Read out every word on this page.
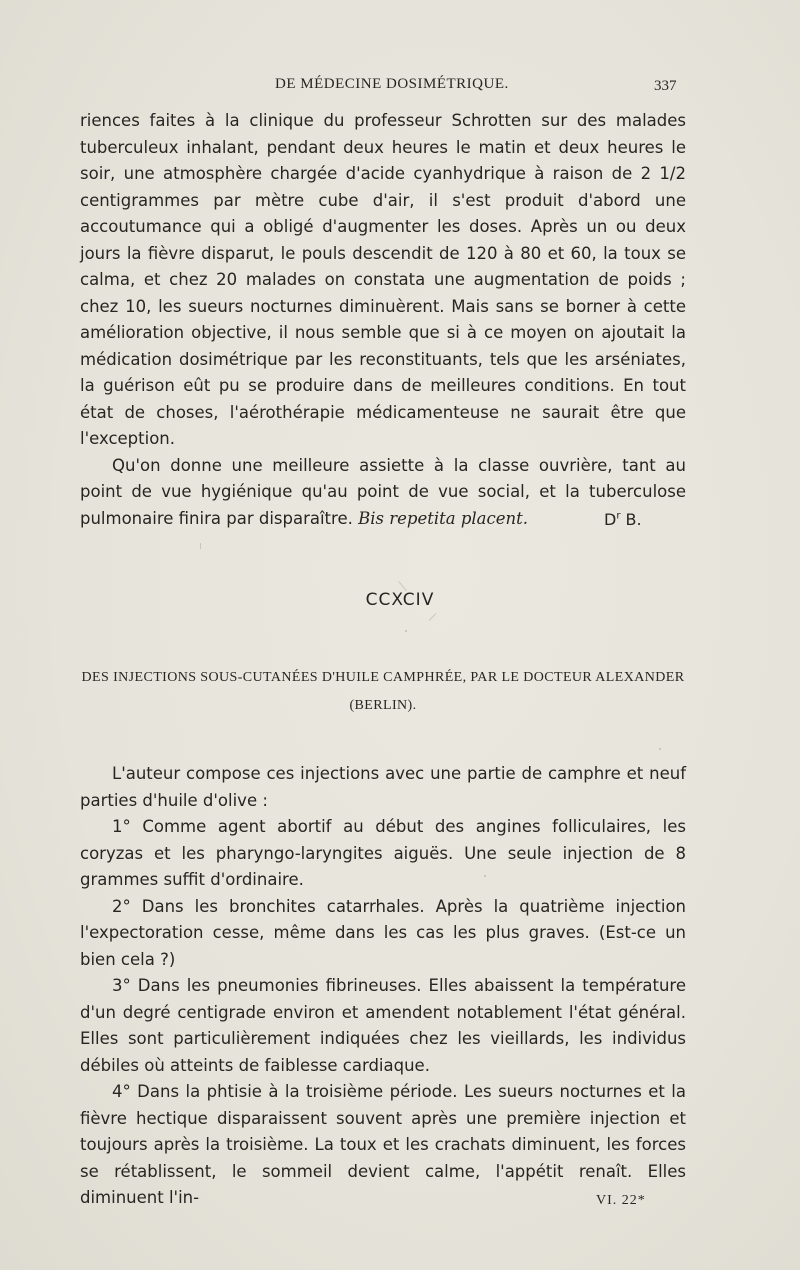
DE MÉDECINE DOSIMÉTRIQUE.	337

riences faites à la clinique du professeur Schrotten sur des malades tuberculeux inhalant, pendant deux heures le matin et deux heures le soir, une atmosphère chargée d'acide cyanhydrique à raison de 2 1/2 centigrammes par mètre cube d'air, il s'est produit d'abord une accoutumance qui a obligé d'augmenter les doses. Après un ou deux jours la fièvre disparut, le pouls descendit de 120 à 80 et 60, la toux se calma, et chez 20 malades on constata une augmentation de poids ; chez 10, les sueurs nocturnes diminuèrent. Mais sans se borner à cette amélioration objective, il nous semble que si à ce moyen on ajoutait la médication dosimétrique par les reconstituants, tels que les arséniates, la guérison eût pu se produire dans de meilleures conditions. En tout état de choses, l'aérothérapie médicamenteuse ne saurait être que l'exception.

Qu'on donne une meilleure assiette à la classe ouvrière, tant au point de vue hygiénique qu'au point de vue social, et la tuberculose pulmonaire finira par disparaître. Bis repetita placent.	$D^r$ B.
CCXCIV
DES INJECTIONS SOUS-CUTANÉES D'HUILE CAMPHRÉE, PAR LE DOCTEUR ALEXANDER
(BERLIN).

L'auteur compose ces injections avec une partie de camphre et neuf parties d'huile d'olive :

1° Comme agent abortif au début des angines folliculaires, les coryzas et les pharyngo-laryngites aiguës. Une seule injection de 8 grammes suffit d'ordinaire.

2° Dans les bronchites catarrhales. Après la quatrième injection l'expectoration cesse, même dans les cas les plus graves. (Est-ce un bien cela ?)

3° Dans les pneumonies fibrineuses. Elles abaissent la température d'un degré centigrade environ et amendent notablement l'état général. Elles sont particulièrement indiquées chez les vieillards, les individus débiles où atteints de faiblesse cardiaque.

4° Dans la phtisie à la troisième période. Les sueurs nocturnes et la fièvre hectique disparaissent souvent après une première injection et toujours après la troisième. La toux et les crachats diminuent, les forces se rétablissent, le sommeil devient calme, l'appétit renaît. Elles diminuent l'in-	VI. 22*
